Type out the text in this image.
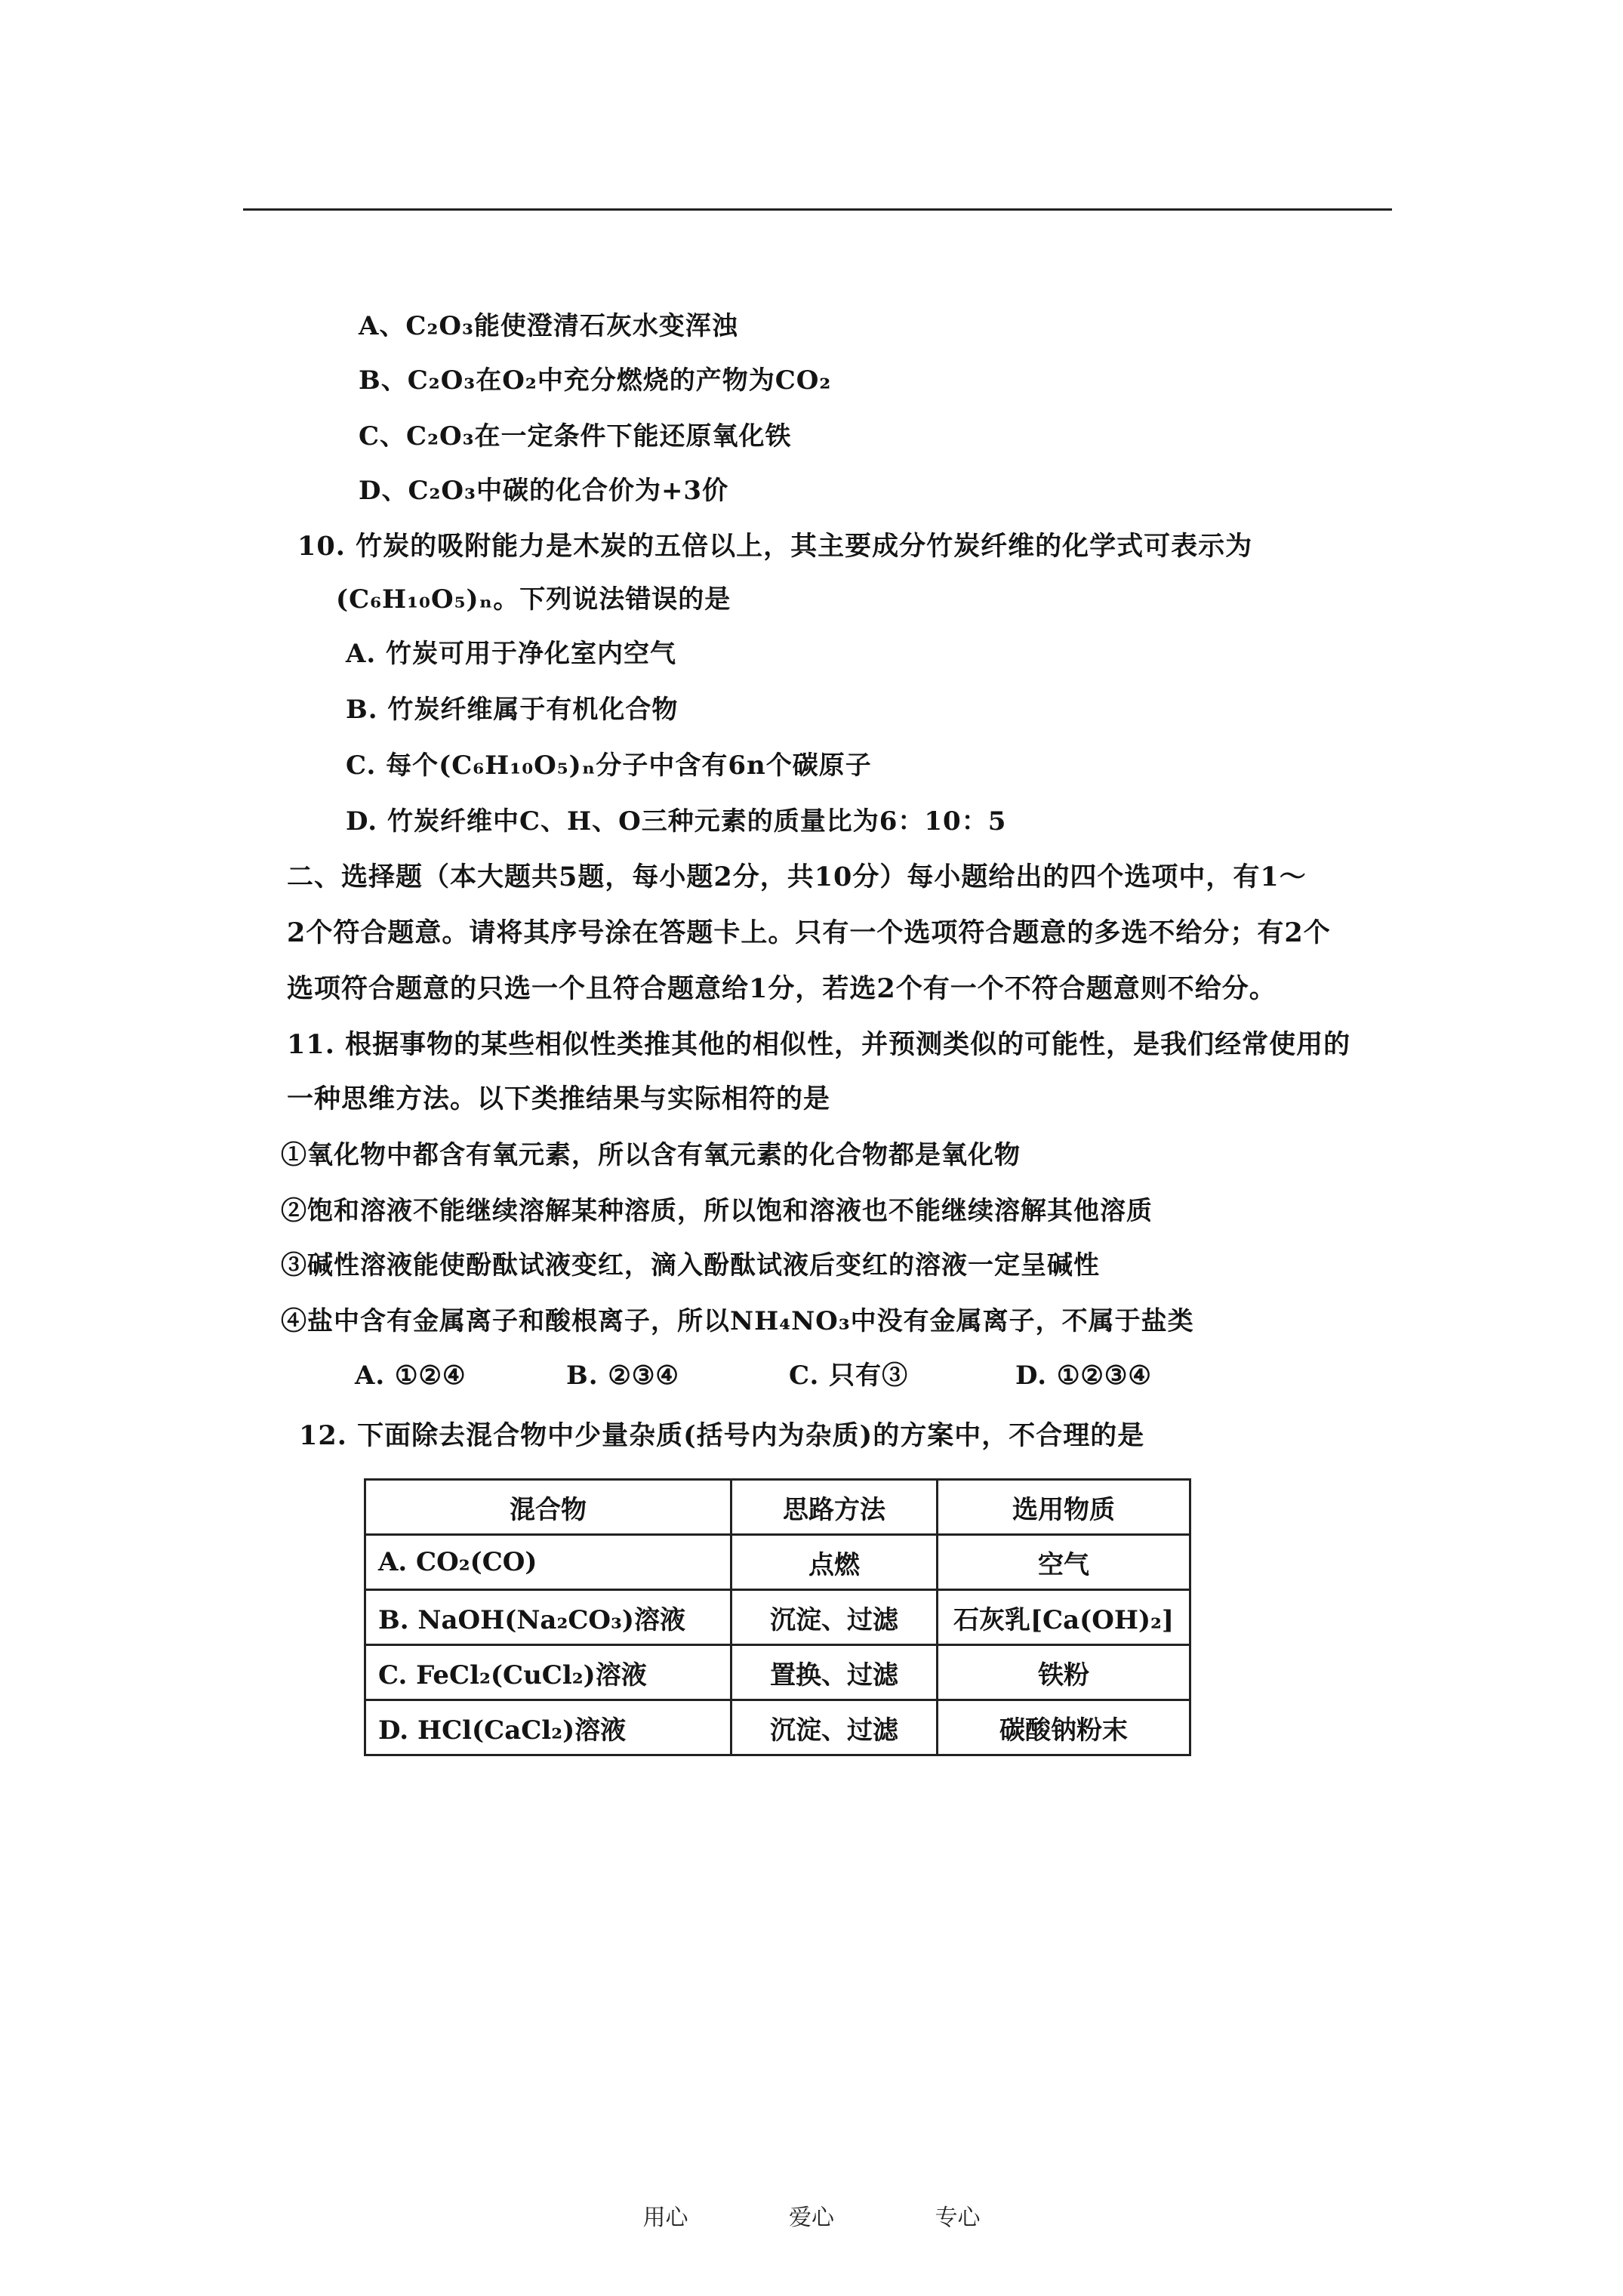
A、C₂O₃能使澄清石灰水变浑浊
B、C₂O₃在O₂中充分燃烧的产物为CO₂
C、C₂O₃在一定条件下能还原氧化铁
D、C₂O₃中碳的化合价为+3价
10. 竹炭的吸附能力是木炭的五倍以上，其主要成分竹炭纤维的化学式可表示为
(C₆H₁₀O₅)ₙ。下列说法错误的是
A. 竹炭可用于净化室内空气
B. 竹炭纤维属于有机化合物
C. 每个(C₆H₁₀O₅)ₙ分子中含有6n个碳原子
D. 竹炭纤维中C、H、O三种元素的质量比为6：10：5
二、选择题（本大题共5题，每小题2分，共10分）每小题给出的四个选项中，有1～
2个符合题意。请将其序号涂在答题卡上。只有一个选项符合题意的多选不给分；有2个
选项符合题意的只选一个且符合题意给1分，若选2个有一个不符合题意则不给分。
11. 根据事物的某些相似性类推其他的相似性，并预测类似的可能性，是我们经常使用的
一种思维方法。以下类推结果与实际相符的是
①氧化物中都含有氧元素，所以含有氧元素的化合物都是氧化物
②饱和溶液不能继续溶解某种溶质，所以饱和溶液也不能继续溶解其他溶质
③碱性溶液能使酚酞试液变红，滴入酚酞试液后变红的溶液一定呈碱性
④盐中含有金属离子和酸根离子，所以NH₄NO₃中没有金属离子，不属于盐类
A. ①②④	B. ②③④	C. 只有③	D. ①②③④
12. 下面除去混合物中少量杂质(括号内为杂质)的方案中，不合理的是
混合物	思路方法	选用物质
A. CO₂(CO)	点燃	空气
B. NaOH(Na₂CO₃)溶液	沉淀、过滤	石灰乳[Ca(OH)₂]
C. FeCl₂(CuCl₂)溶液	置换、过滤	铁粉
D. HCl(CaCl₂)溶液	沉淀、过滤	碳酸钠粉末
用心	爱心	专心
